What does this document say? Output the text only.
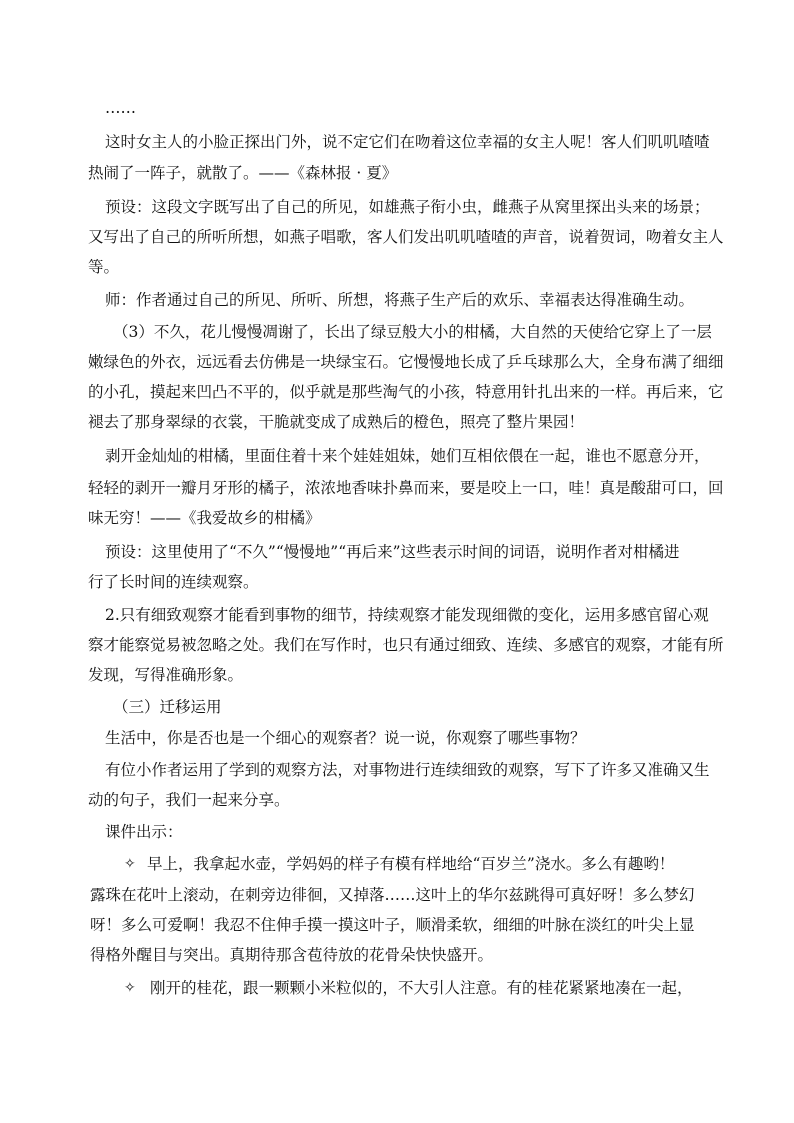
……
这时女主人的小脸正探出门外，说不定它们在吻着这位幸福的女主人呢！客人们叽叽喳喳
热闹了一阵子，就散了。——《森林报 · 夏》
预设：这段文字既写出了自己的所见，如雄燕子衔小虫，雌燕子从窝里探出头来的场景；
又写出了自己的所听所想，如燕子唱歌，客人们发出叽叽喳喳的声音，说着贺词，吻着女主人
等。
师：作者通过自己的所见、所听、所想，将燕子生产后的欢乐、幸福表达得准确生动。
（3）不久，花儿慢慢凋谢了，长出了绿豆般大小的柑橘，大自然的天使给它穿上了一层
嫩绿色的外衣，远远看去仿佛是一块绿宝石。它慢慢地长成了乒乓球那么大，全身布满了细细
的小孔，摸起来凹凸不平的，似乎就是那些淘气的小孩，特意用针扎出来的一样。再后来，它
褪去了那身翠绿的衣裳，干脆就变成了成熟后的橙色，照亮了整片果园！
剥开金灿灿的柑橘，里面住着十来个娃娃姐妹，她们互相依偎在一起，谁也不愿意分开，
轻轻的剥开一瓣月牙形的橘子，浓浓地香味扑鼻而来，要是咬上一口，哇！真是酸甜可口，回
味无穷！——《我爱故乡的柑橘》
预设：这里使用了“不久”“慢慢地”“再后来”这些表示时间的词语，说明作者对柑橘进
行了长时间的连续观察。
2.只有细致观察才能看到事物的细节，持续观察才能发现细微的变化，运用多感官留心观
察才能察觉易被忽略之处。我们在写作时，也只有通过细致、连续、多感官的观察，才能有所
发现，写得准确形象。
（三）迁移运用
生活中，你是否也是一个细心的观察者？说一说，你观察了哪些事物？
有位小作者运用了学到的观察方法，对事物进行连续细致的观察，写下了许多又准确又生
动的句子，我们一起来分享。
课件出示：
✧ 早上，我拿起水壶，学妈妈的样子有模有样地给“百岁兰”浇水。多么有趣哟！
露珠在花叶上滚动，在刺旁边徘徊，又掉落……这叶上的华尔兹跳得可真好呀！多么梦幻
呀！多么可爱啊！我忍不住伸手摸一摸这叶子，顺滑柔软，细细的叶脉在淡红的叶尖上显
得格外醒目与突出。真期待那含苞待放的花骨朵快快盛开。
✧ 刚开的桂花，跟一颗颗小米粒似的，不大引人注意。有的桂花紧紧地凑在一起，
